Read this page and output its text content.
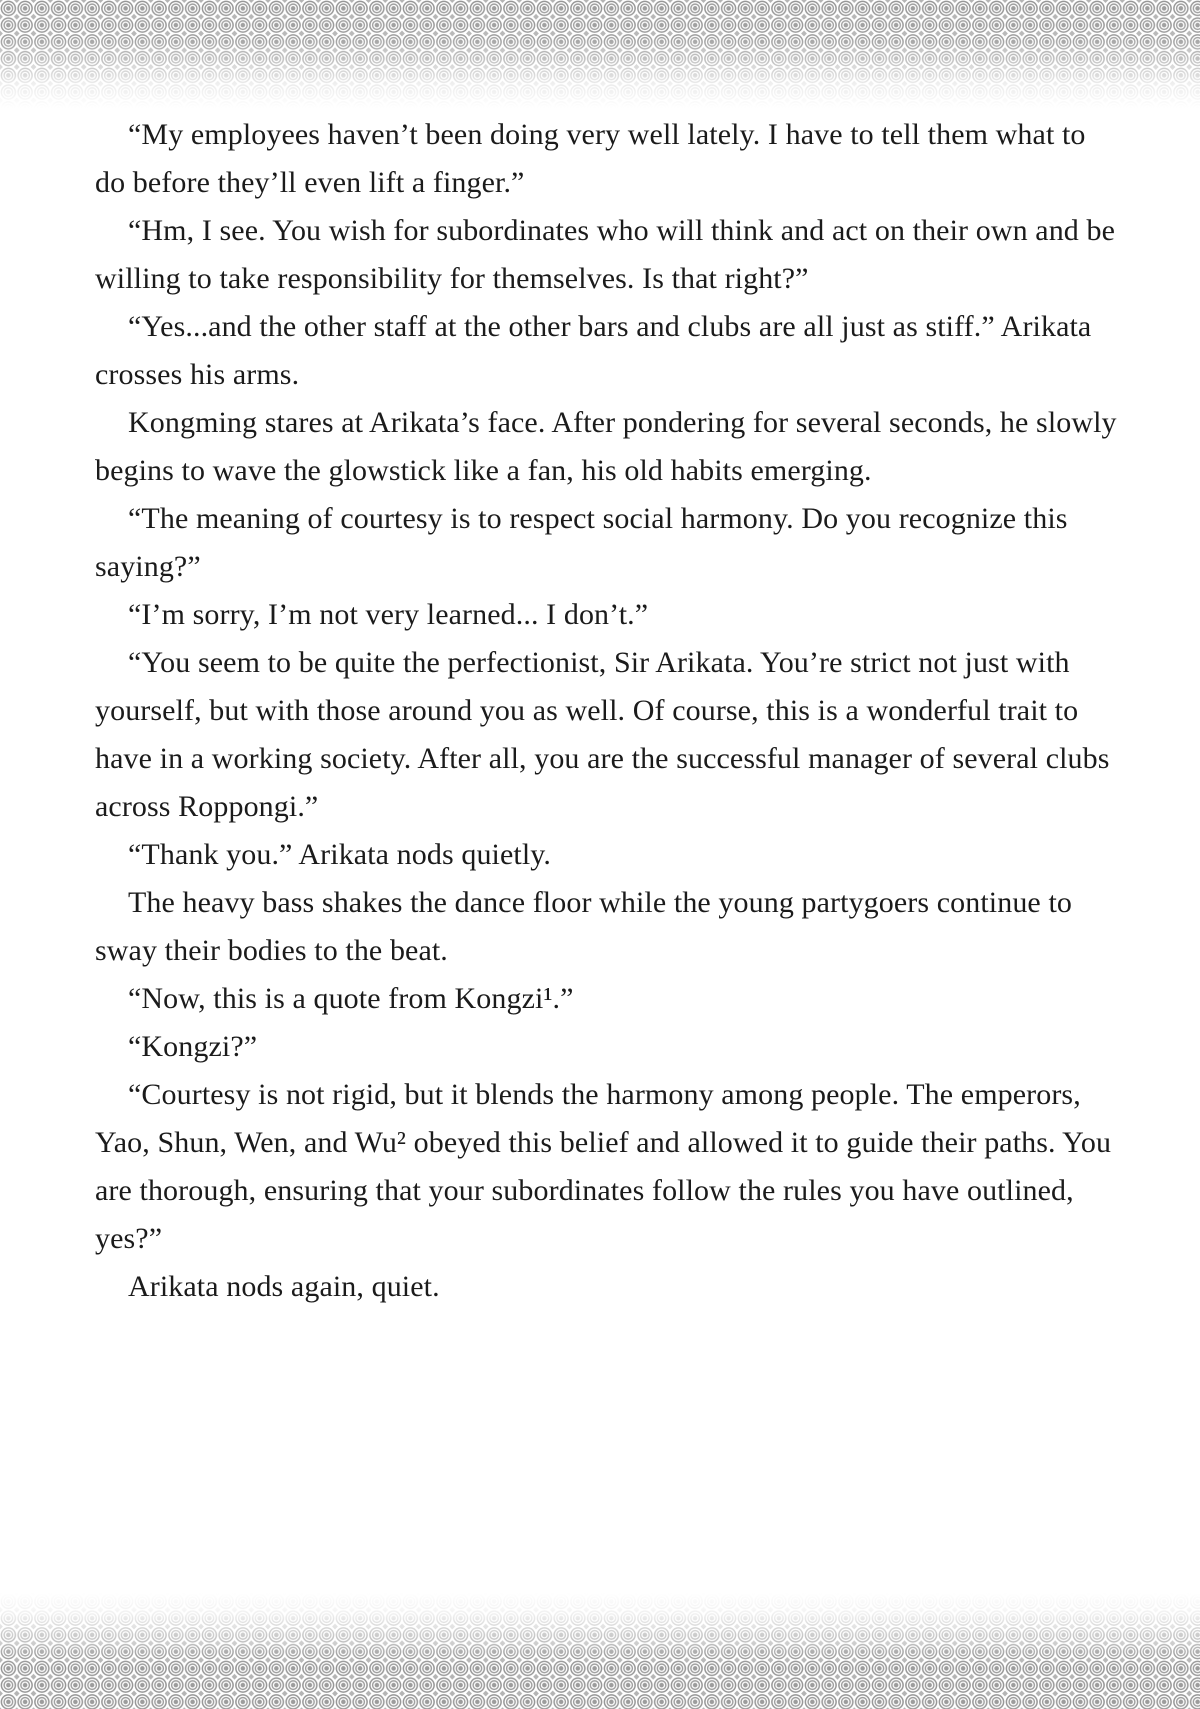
“My employees haven’t been doing very well lately. I have to tell them what to do before they’ll even lift a finger.”

“Hm, I see. You wish for subordinates who will think and act on their own and be willing to take responsibility for themselves. Is that right?”

“Yes...and the other staff at the other bars and clubs are all just as stiff.” Arikata crosses his arms.

Kongming stares at Arikata’s face. After pondering for several seconds, he slowly begins to wave the glowstick like a fan, his old habits emerging.

“The meaning of courtesy is to respect social harmony. Do you recognize this saying?”

“I’m sorry, I’m not very learned... I don’t.”

“You seem to be quite the perfectionist, Sir Arikata. You’re strict not just with yourself, but with those around you as well. Of course, this is a wonderful trait to have in a working society. After all, you are the successful manager of several clubs across Roppongi.”

“Thank you.” Arikata nods quietly.

The heavy bass shakes the dance floor while the young partygoers continue to sway their bodies to the beat.

“Now, this is a quote from Kongzi¹.”

“Kongzi?”

“Courtesy is not rigid, but it blends the harmony among people. The emperors, Yao, Shun, Wen, and Wu² obeyed this belief and allowed it to guide their paths. You are thorough, ensuring that your subordinates follow the rules you have outlined, yes?”

Arikata nods again, quiet.
